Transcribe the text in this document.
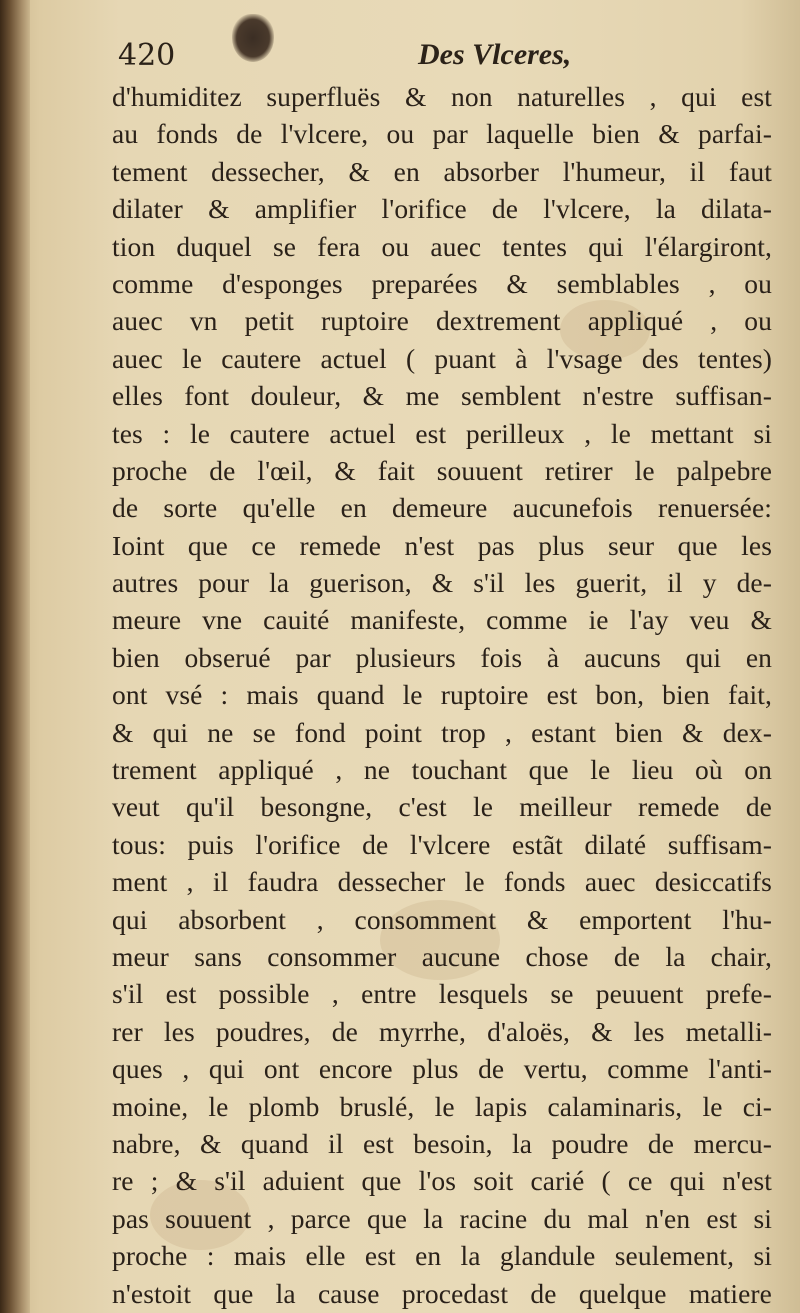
420	Des Vlceres,
d'humiditez superfluës & non naturelles , qui est
au fonds de l'vlcere, ou par laquelle bien & parfai-
tement dessecher, & en absorber l'humeur, il faut
dilater & amplifier l'orifice de l'vlcere, la dilata-
tion duquel se fera ou auec tentes qui l'élargiront,
comme d'esponges preparées & semblables , ou
auec vn petit ruptoire dextrement appliqué , ou
auec le cautere actuel ( puant à l'vsage des tentes)
elles font douleur, & me semblent n'estre suffisan-
tes : le cautere actuel est perilleux , le mettant si
proche de l'œil, & fait souuent retirer le palpebre
de sorte qu'elle en demeure aucunefois renuersée:
Ioint que ce remede n'est pas plus seur que les
autres pour la guerison, & s'il les guerit, il y de-
meure vne cauité manifeste, comme ie l'ay veu &
bien obserué par plusieurs fois à aucuns qui en
ont vsé : mais quand le ruptoire est bon, bien fait,
& qui ne se fond point trop , estant bien & dex-
trement appliqué , ne touchant que le lieu où on
veut qu'il besongne, c'est le meilleur remede de
tous: puis l'orifice de l'vlcere estãt dilaté suffisam-
ment , il faudra dessecher le fonds auec desiccatifs
qui absorbent , consomment & emportent l'hu-
meur sans consommer aucune chose de la chair,
s'il est possible , entre lesquels se peuuent prefe-
rer les poudres, de myrrhe, d'aloës, & les metalli-
ques , qui ont encore plus de vertu, comme l'anti-
moine, le plomb bruslé, le lapis calaminaris, le ci-
nabre, & quand il est besoin, la poudre de mercu-
re ; & s'il aduient que l'os soit carié ( ce qui n'est
pas souuent , parce que la racine du mal n'en est si
proche : mais elle est en la glandule seulement, si
n'estoit que la cause procedast de quelque matiere
